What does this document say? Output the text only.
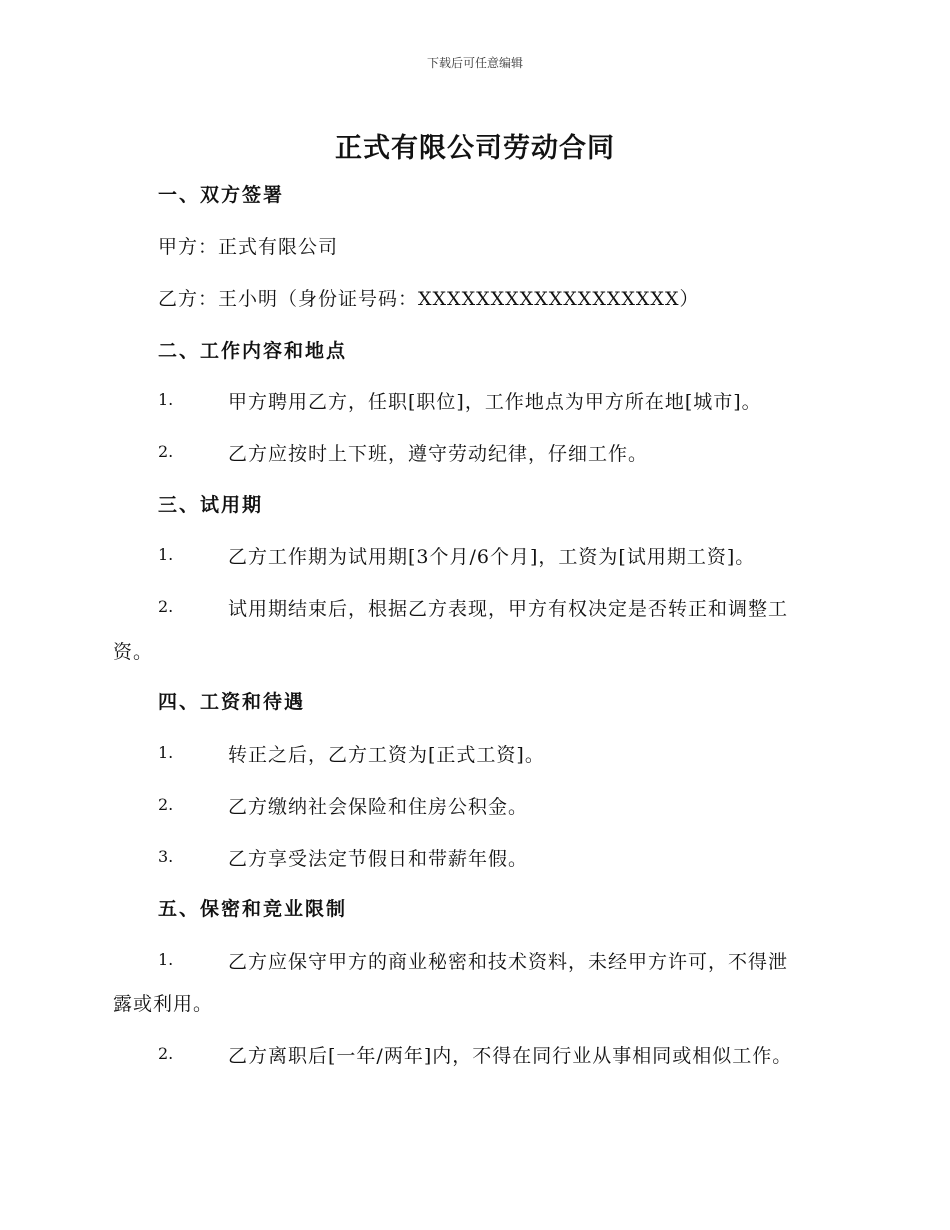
下载后可任意编辑
正式有限公司劳动合同
一、双方签署
甲方：正式有限公司
乙方：王小明（身份证号码：XXXXXXXXXXXXXXXXXX）
二、工作内容和地点
1.	甲方聘用乙方，任职[职位]，工作地点为甲方所在地[城市]。
2.	乙方应按时上下班，遵守劳动纪律，仔细工作。
三、试用期
1.	乙方工作期为试用期[3个月/6个月]，工资为[试用期工资]。
2.	试用期结束后，根据乙方表现，甲方有权决定是否转正和调整工
资。
四、工资和待遇
1.	转正之后，乙方工资为[正式工资]。
2.	乙方缴纳社会保险和住房公积金。
3.	乙方享受法定节假日和带薪年假。
五、保密和竞业限制
1.	乙方应保守甲方的商业秘密和技术资料，未经甲方许可，不得泄
露或利用。
2.	乙方离职后[一年/两年]内，不得在同行业从事相同或相似工作。
